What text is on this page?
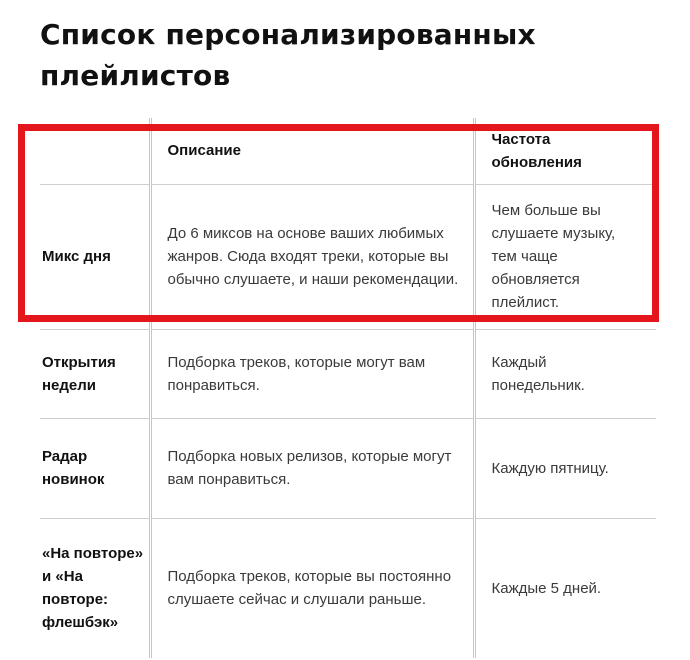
Список персонализированных плейлистов
	Описание	Частота обновления
Микс дня	До 6 миксов на основе ваших любимых жанров. Сюда входят треки, которые вы обычно слушаете, и наши рекомендации.	Чем больше вы слушаете музыку, тем чаще обновляется плейлист.
Открытия недели	Подборка треков, которые могут вам понравиться.	Каждый понедельник.
Радар новинок	Подборка новых релизов, которые могут вам понравиться.	Каждую пятницу.
«На повторе» и «На повторе: флешбэк»	Подборка треков, которые вы постоянно слушаете сейчас и слушали раньше.	Каждые 5 дней.
